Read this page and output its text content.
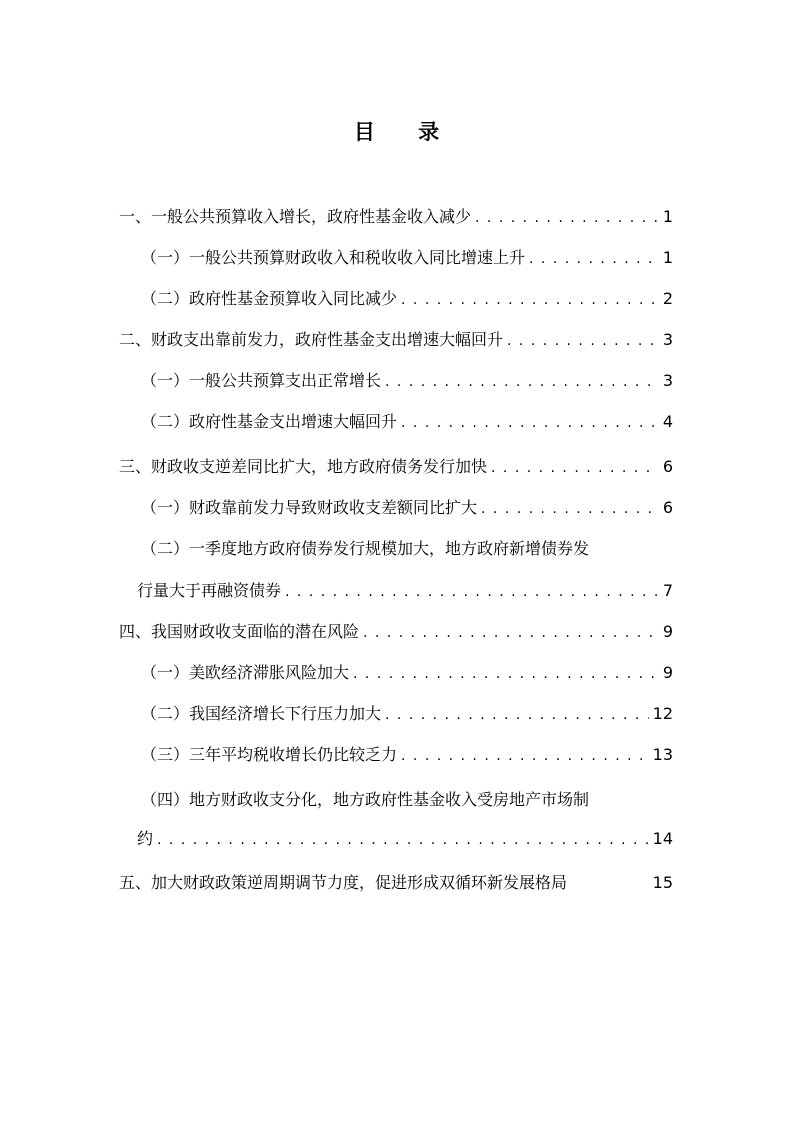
目 录
一、一般公共预算收入增长，政府性基金收入减少 . . .	1
（一）一般公共预算财政收入和税收收入同比增速上升 . . .	1
（二）政府性基金预算收入同比减少 . . .	2
二、财政支出靠前发力，政府性基金支出增速大幅回升 . . .	3
（一）一般公共预算支出正常增长 . . .	3
（二）政府性基金支出增速大幅回升 . . .	4
三、财政收支逆差同比扩大，地方政府债务发行加快 . . .	6
（一）财政靠前发力导致财政收支差额同比扩大 . . .	6
（二）一季度地方政府债券发行规模加大，地方政府新增债券发
行量大于再融资债券 . . .	7
四、我国财政收支面临的潜在风险 . . .	9
（一）美欧经济滞胀风险加大 . . .	9
（二）我国经济增长下行压力加大 . . .	12
（三）三年平均税收增长仍比较乏力 . . .	13
（四）地方财政收支分化，地方政府性基金收入受房地产市场制
约 . . .	14
五、加大财政政策逆周期调节力度，促进形成双循环新发展格局	15
